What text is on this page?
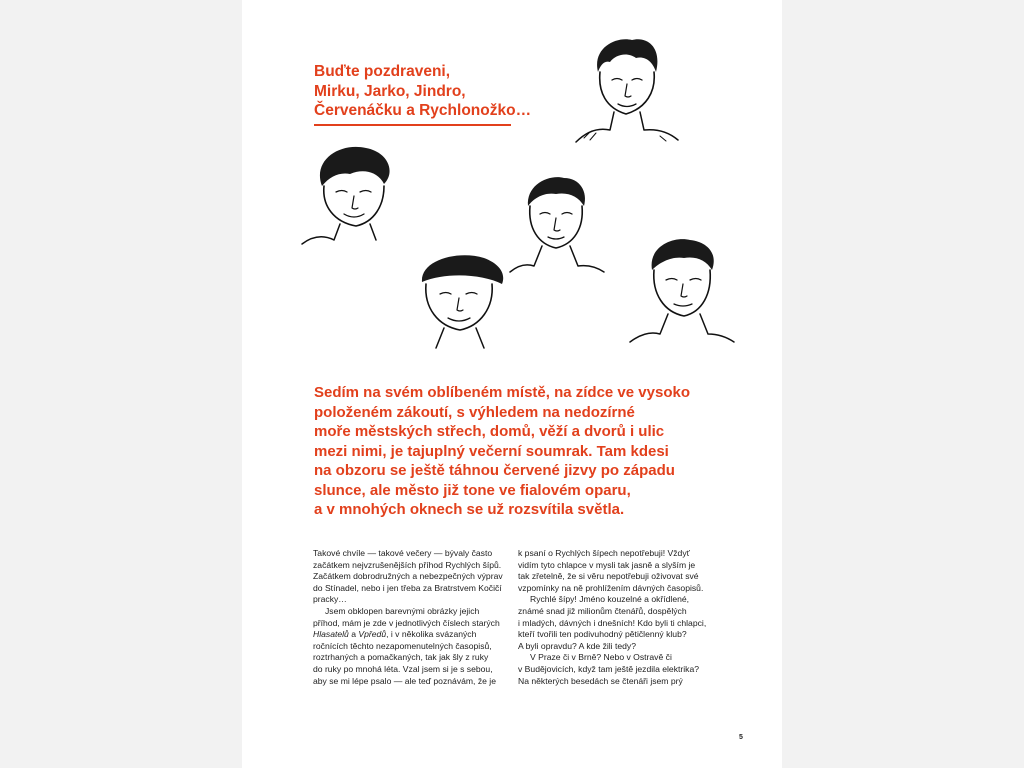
Buďte pozdraveni,
Mirku, Jarko, Jindro,
Červenáčku a Rychlonožko…
Sedím na svém oblíbeném místě, na zídce ve vysoko
položeném zákoutí, s výhledem na nedozírné
moře městských střech, domů, věží a dvorů i ulic
mezi nimi, je tajuplný večerní soumrak. Tam kdesi
na obzoru se ještě táhnou červené jizvy po západu
slunce, ale město již tone ve fialovém oparu,
a v mnohých oknech se už rozsvítila světla.

Takové chvíle — takové večery — bývaly často
začátkem nejvzrušenějších příhod Rychlých šípů.
Začátkem dobrodružných a nebezpečných výprav
do Stínadel, nebo i jen třeba za Bratrstvem Kočičí
pracky…

Jsem obklopen barevnými obrázky jejich
příhod, mám je zde v jednotlivých číslech starých
Hlasatelů a Vpředů, i v několika svázaných
ročnících těchto nezapomenutelných časopisů,
roztrhaných a pomačkaných, tak jak šly z ruky
do ruky po mnohá léta. Vzal jsem si je s sebou,
aby se mi lépe psalo — ale teď poznávám, že je

k psaní o Rychlých šípech nepotřebuji! Vždyť
vidím tyto chlapce v mysli tak jasně a slyším je
tak zřetelně, že si věru nepotřebuji oživovat své
vzpomínky na ně prohlížením dávných časopisů.

Rychlé šípy! Jméno kouzelné a okřídlené,
známé snad již milionům čtenářů, dospělých
i mladých, dávných i dnešních! Kdo byli ti chlapci,
kteří tvořili ten podivuhodný pětičlenný klub?
A byli opravdu? A kde žili tedy?

V Praze či v Brně? Nebo v Ostravě či
v Budějovicích, když tam ještě jezdila elektrika?
Na některých besedách se čtenáři jsem prý

5
